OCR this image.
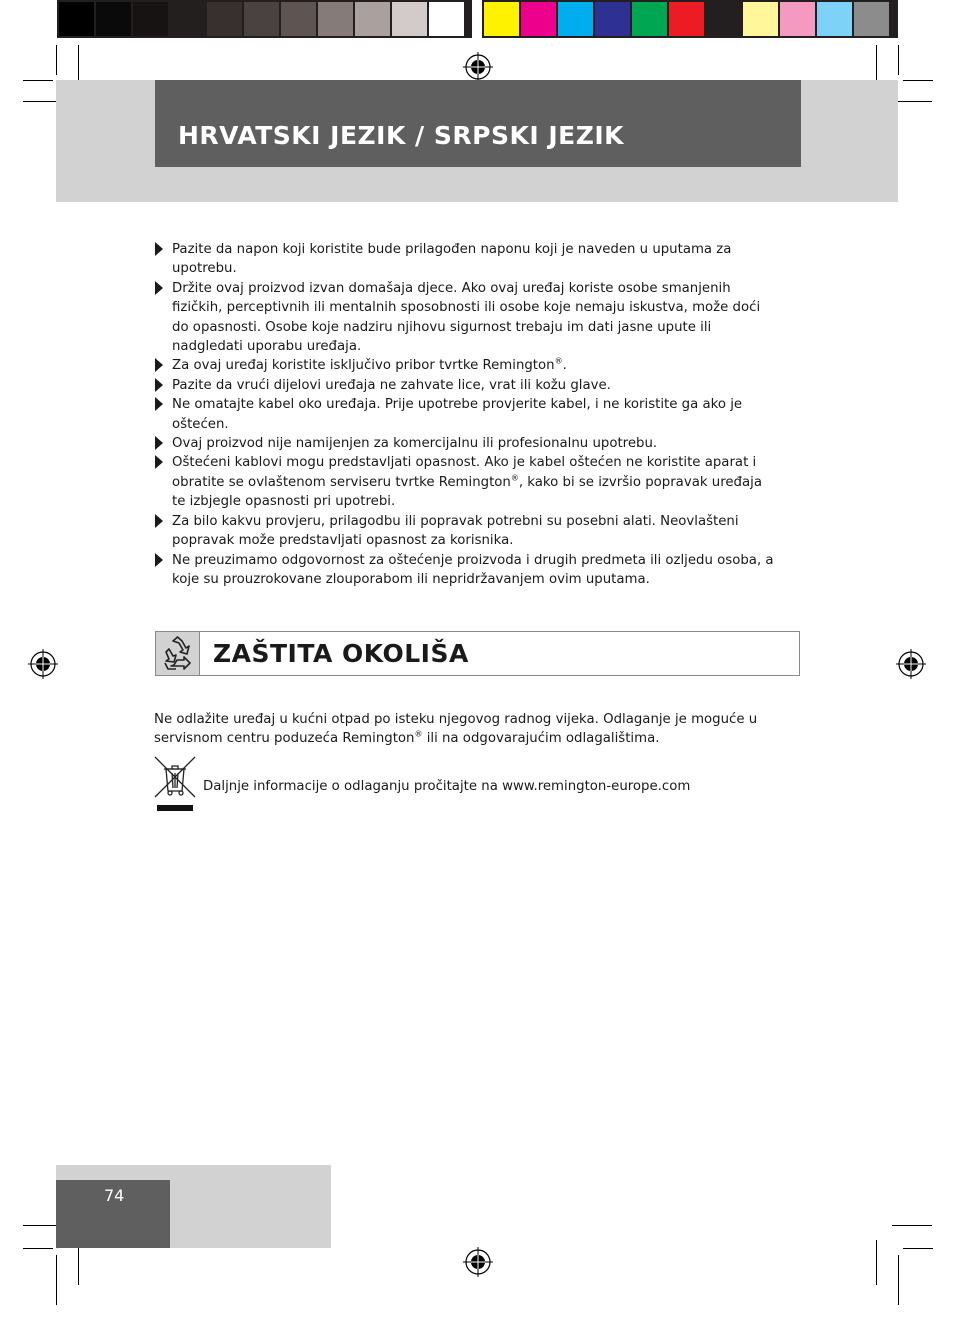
HRVATSKI JEZIK / SRPSKI JEZIK
Pazite da napon koji koristite bude prilagođen naponu koji je naveden u uputama za upotrebu.
Držite ovaj proizvod izvan domašaja djece. Ako ovaj uređaj koriste osobe smanjenih fizičkih, perceptivnih ili mentalnih sposobnosti ili osobe koje nemaju iskustva, može doći do opasnosti. Osobe koje nadziru njihovu sigurnost trebaju im dati jasne upute ili nadgledati uporabu uređaja.
Za ovaj uređaj koristite isključivo pribor tvrtke Remington®.
Pazite da vrući dijelovi uređaja ne zahvate lice, vrat ili kožu glave.
Ne omatajte kabel oko uređaja. Prije upotrebe provjerite kabel, i ne koristite ga ako je oštećen.
Ovaj proizvod nije namijenjen za komercijalnu ili profesionalnu upotrebu.
Oštećeni kablovi mogu predstavljati opasnost. Ako je kabel oštećen ne koristite aparat i obratite se ovlaštenom serviseru tvrtke Remington®, kako bi se izvršio popravak uređaja te izbjegle opasnosti pri upotrebi.
Za bilo kakvu provjeru, prilagodbu ili popravak potrebni su posebni alati. Neovlašteni popravak može predstavljati opasnost za korisnika.
Ne preuzimamo odgovornost za oštećenje proizvoda i drugih predmeta ili ozljedu osoba, a koje su prouzrokovane zlouporabom ili nepridržavanjem ovim uputama.
ZAŠTITA OKOLIŠA

Ne odlažite uređaj u kućni otpad po isteku njegovog radnog vijeka. Odlaganje je moguće u servisnom centru poduzeća Remington® ili na odgovarajućim odlagalištima.

Daljnje informacije o odlaganju pročitajte na www.remington-europe.com

74
